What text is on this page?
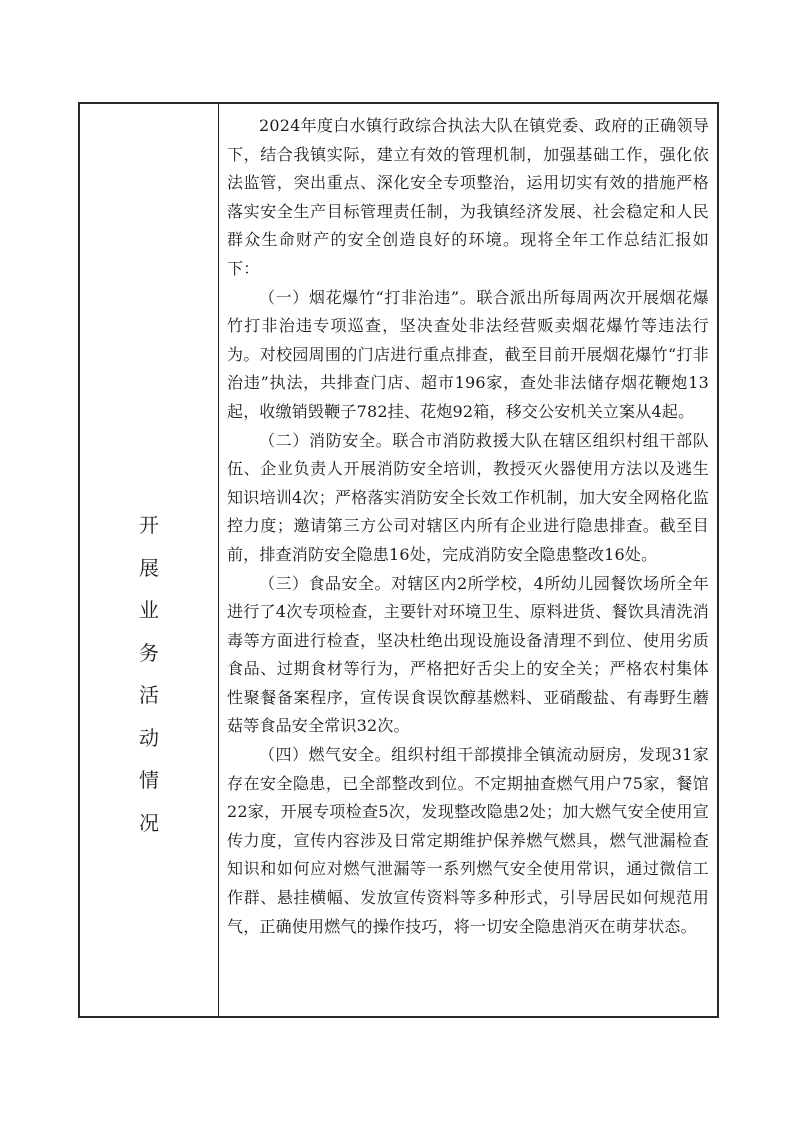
开
展
业
务
活
动
情
况

2024年度白水镇行政综合执法大队在镇党委、政府的正确领导下，结合我镇实际，建立有效的管理机制，加强基础工作，强化依法监管，突出重点、深化安全专项整治，运用切实有效的措施严格落实安全生产目标管理责任制，为我镇经济发展、社会稳定和人民群众生命财产的安全创造良好的环境。现将全年工作总结汇报如下：

（一）烟花爆竹“打非治违”。联合派出所每周两次开展烟花爆竹打非治违专项巡查，坚决查处非法经营贩卖烟花爆竹等违法行为。对校园周围的门店进行重点排查，截至目前开展烟花爆竹“打非治违”执法，共排查门店、超市196家，查处非法储存烟花鞭炮13起，收缴销毁鞭子782挂、花炮92箱，移交公安机关立案从4起。

（二）消防安全。联合市消防救援大队在辖区组织村组干部队伍、企业负责人开展消防安全培训，教授灭火器使用方法以及逃生知识培训4次；严格落实消防安全长效工作机制，加大安全网格化监控力度；邀请第三方公司对辖区内所有企业进行隐患排查。截至目前，排查消防安全隐患16处，完成消防安全隐患整改16处。

（三）食品安全。对辖区内2所学校，4所幼儿园餐饮场所全年进行了4次专项检查，主要针对环境卫生、原料进货、餐饮具清洗消毒等方面进行检查，坚决杜绝出现设施设备清理不到位、使用劣质食品、过期食材等行为，严格把好舌尖上的安全关；严格农村集体性聚餐备案程序，宣传误食误饮醇基燃料、亚硝酸盐、有毒野生蘑菇等食品安全常识32次。

（四）燃气安全。组织村组干部摸排全镇流动厨房，发现31家存在安全隐患，已全部整改到位。不定期抽查燃气用户75家，餐馆22家，开展专项检查5次，发现整改隐患2处；加大燃气安全使用宣传力度，宣传内容涉及日常定期维护保养燃气燃具，燃气泄漏检查知识和如何应对燃气泄漏等一系列燃气安全使用常识，通过微信工作群、悬挂横幅、发放宣传资料等多种形式，引导居民如何规范用气，正确使用燃气的操作技巧，将一切安全隐患消灭在萌芽状态。
